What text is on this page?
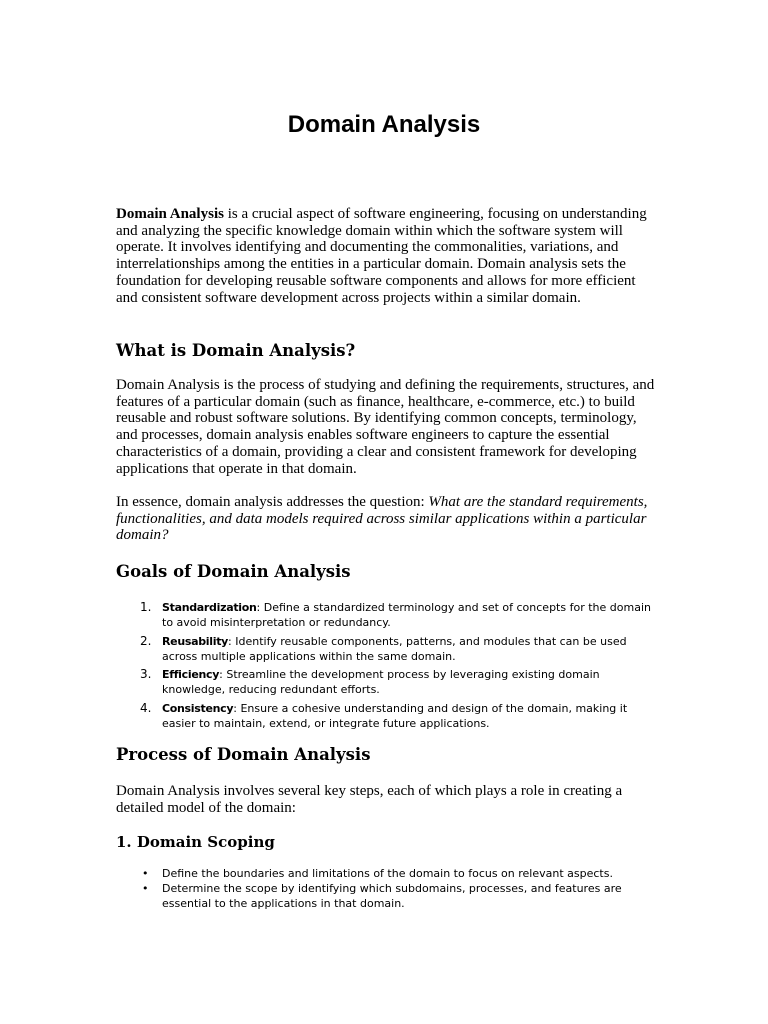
Domain Analysis

Domain Analysis is a crucial aspect of software engineering, focusing on understanding and analyzing the specific knowledge domain within which the software system will operate. It involves identifying and documenting the commonalities, variations, and interrelationships among the entities in a particular domain. Domain analysis sets the foundation for developing reusable software components and allows for more efficient and consistent software development across projects within a similar domain.

What is Domain Analysis?

Domain Analysis is the process of studying and defining the requirements, structures, and features of a particular domain (such as finance, healthcare, e-commerce, etc.) to build reusable and robust software solutions. By identifying common concepts, terminology, and processes, domain analysis enables software engineers to capture the essential characteristics of a domain, providing a clear and consistent framework for developing applications that operate in that domain.

In essence, domain analysis addresses the question: What are the standard requirements, functionalities, and data models required across similar applications within a particular domain?

Goals of Domain Analysis
1. Standardization: Define a standardized terminology and set of concepts for the domain to avoid misinterpretation or redundancy.
2. Reusability: Identify reusable components, patterns, and modules that can be used across multiple applications within the same domain.
3. Efficiency: Streamline the development process by leveraging existing domain knowledge, reducing redundant efforts.
4. Consistency: Ensure a cohesive understanding and design of the domain, making it easier to maintain, extend, or integrate future applications.
Process of Domain Analysis

Domain Analysis involves several key steps, each of which plays a role in creating a detailed model of the domain:

1. Domain Scoping
• Define the boundaries and limitations of the domain to focus on relevant aspects.
• Determine the scope by identifying which subdomains, processes, and features are essential to the applications in that domain.
